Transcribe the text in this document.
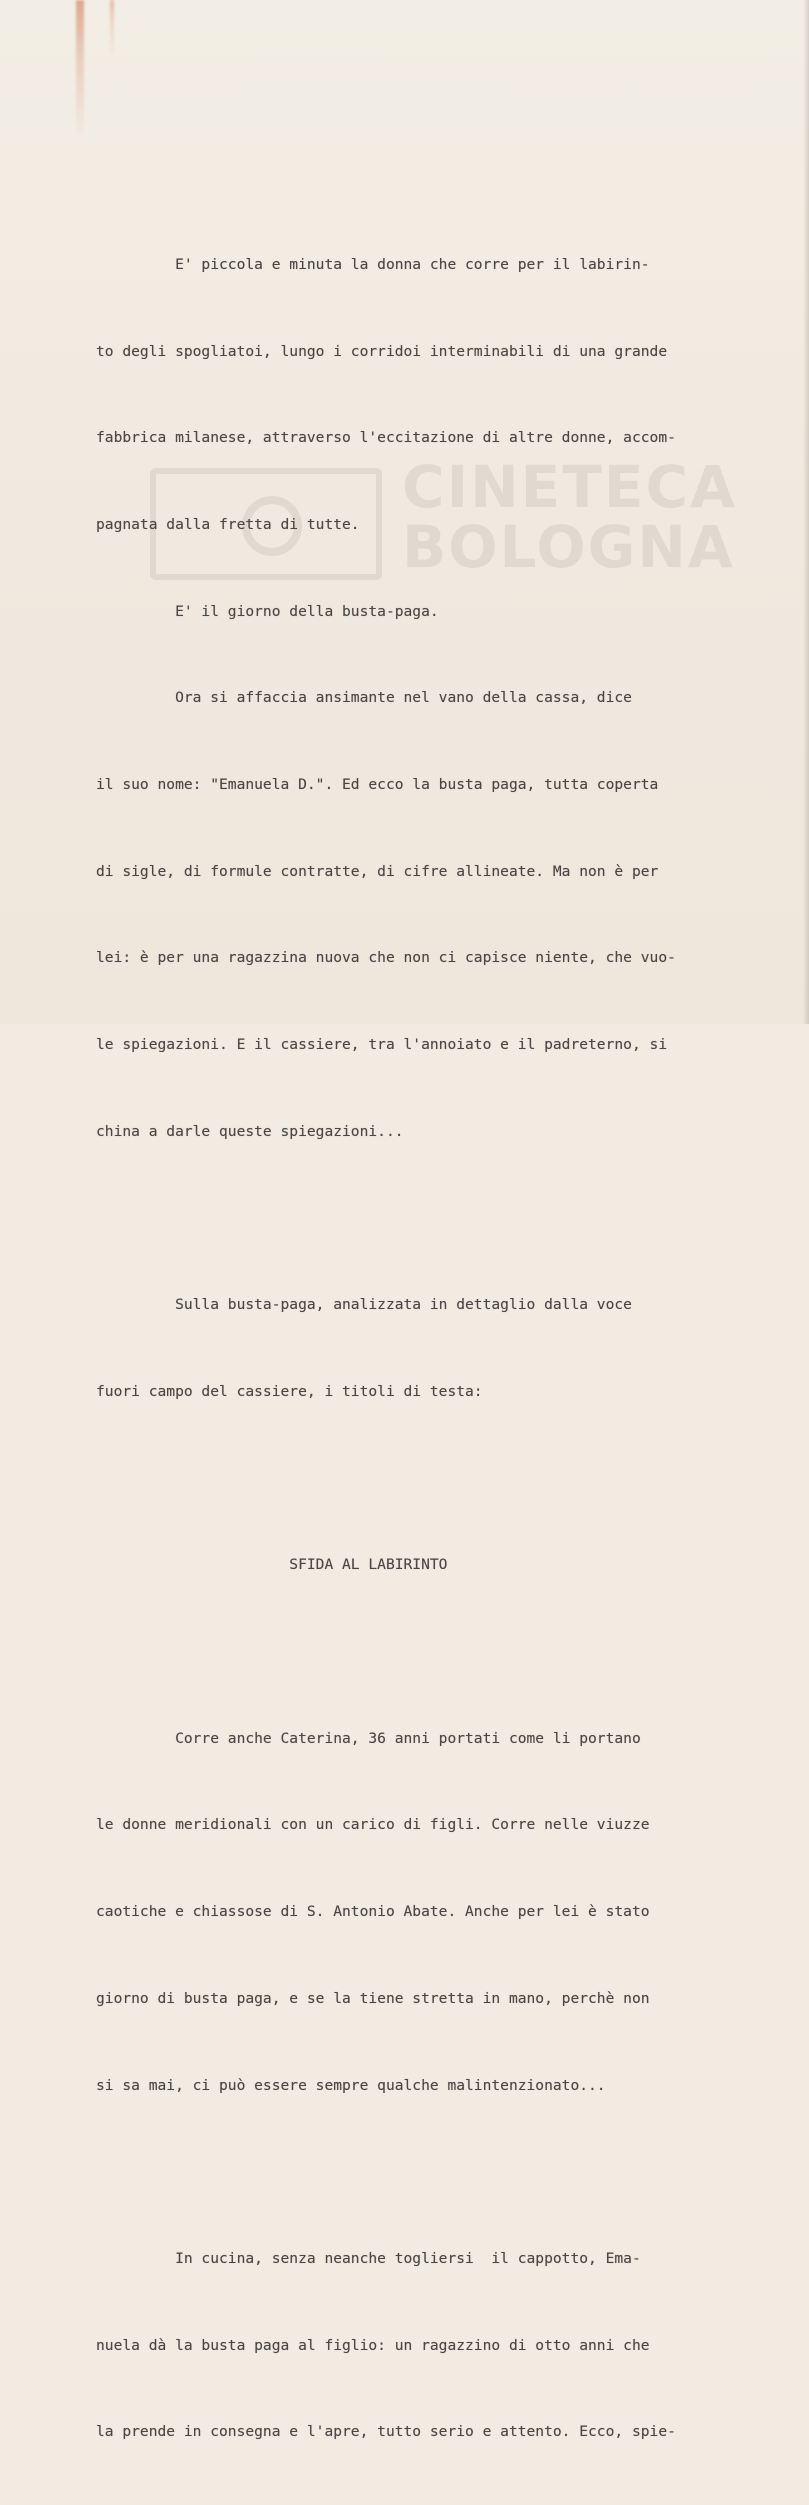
CINETECA
BOLOGNA

E' piccola e minuta la donna che corre per il labirin-

to degli spogliatoi, lungo i corridoi interminabili di una grande

fabbrica milanese, attraverso l'eccitazione di altre donne, accom-

pagnata dalla fretta di tutte.

E' il giorno della busta-paga.

Ora si affaccia ansimante nel vano della cassa, dice

il suo nome: "Emanuela D.". Ed ecco la busta paga, tutta coperta

di sigle, di formule contratte, di cifre allineate. Ma non è per

lei: è per una ragazzina nuova che non ci capisce niente, che vuo-

le spiegazioni. E il cassiere, tra l'annoiato e il padreterno, si

china a darle queste spiegazioni...

Sulla busta-paga, analizzata in dettaglio dalla voce

fuori campo del cassiere, i titoli di testa:

SFIDA AL LABIRINTO

Corre anche Caterina, 36 anni portati come li portano

le donne meridionali con un carico di figli. Corre nelle viuzze

caotiche e chiassose di S. Antonio Abate. Anche per lei è stato

giorno di busta paga, e se la tiene stretta in mano, perchè non

si sa mai, ci può essere sempre qualche malintenzionato...

In cucina, senza neanche togliersi  il cappotto, Ema-

nuela dà la busta paga al figlio: un ragazzino di otto anni che

la prende in consegna e l'apre, tutto serio e attento. Ecco, spie-
